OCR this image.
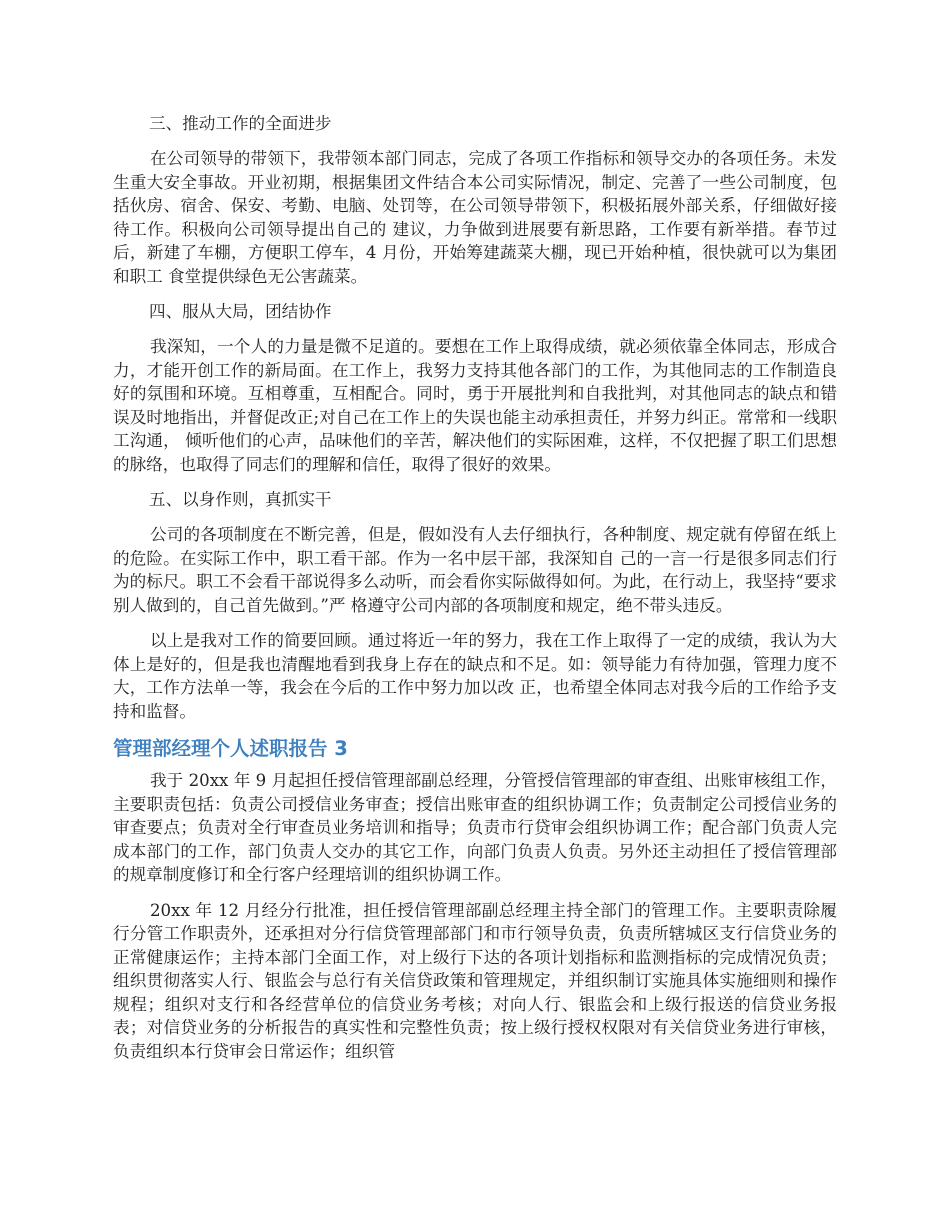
三、推动工作的全面进步

在公司领导的带领下，我带领本部门同志，完成了各项工作指标和领导交办的各项任务。未发生重大安全事故。开业初期，根据集团文件结合本公司实际情况，制定、完善了一些公司制度，包括伙房、宿舍、保安、考勤、电脑、处罚等，在公司领导带领下，积极拓展外部关系，仔细做好接待工作。积极向公司领导提出自己的 建议，力争做到进展要有新思路，工作要有新举措。春节过后，新建了车棚，方便职工停车，4 月份，开始筹建蔬菜大棚，现已开始种植，很快就可以为集团和职工 食堂提供绿色无公害蔬菜。

四、服从大局，团结协作

我深知，一个人的力量是微不足道的。要想在工作上取得成绩，就必须依靠全体同志，形成合力，才能开创工作的新局面。在工作上，我努力支持其他各部门的工作，为其他同志的工作制造良好的氛围和环境。互相尊重，互相配合。同时，勇于开展批判和自我批判，对其他同志的缺点和错误及时地指出，并督促改正;对自己在工作上的失误也能主动承担责任，并努力纠正。常常和一线职工沟通， 倾听他们的心声，品味他们的辛苦，解决他们的实际困难，这样，不仅把握了职工们思想的脉络，也取得了同志们的理解和信任，取得了很好的效果。

五、以身作则，真抓实干

公司的各项制度在不断完善，但是，假如没有人去仔细执行，各种制度、规定就有停留在纸上的危险。在实际工作中，职工看干部。作为一名中层干部，我深知自 己的一言一行是很多同志们行为的标尺。职工不会看干部说得多么动听，而会看你实际做得如何。为此，在行动上，我坚持“要求别人做到的，自己首先做到。”严 格遵守公司内部的各项制度和规定，绝不带头违反。

以上是我对工作的简要回顾。通过将近一年的努力，我在工作上取得了一定的成绩，我认为大体上是好的，但是我也清醒地看到我身上存在的缺点和不足。如：领导能力有待加强，管理力度不大，工作方法单一等，我会在今后的工作中努力加以改 正，也希望全体同志对我今后的工作给予支持和监督。

管理部经理个人述职报告 3

我于 20xx 年 9 月起担任授信管理部副总经理，分管授信管理部的审查组、出账审核组工作，主要职责包括：负责公司授信业务审查；授信出账审查的组织协调工作；负责制定公司授信业务的审查要点；负责对全行审查员业务培训和指导；负责市行贷审会组织协调工作；配合部门负责人完成本部门的工作，部门负责人交办的其它工作，向部门负责人负责。另外还主动担任了授信管理部的规章制度修订和全行客户经理培训的组织协调工作。

20xx 年 12 月经分行批准，担任授信管理部副总经理主持全部门的管理工作。主要职责除履行分管工作职责外，还承担对分行信贷管理部部门和市行领导负责，负责所辖城区支行信贷业务的正常健康运作；主持本部门全面工作，对上级行下达的各项计划指标和监测指标的完成情况负责；组织贯彻落实人行、银监会与总行有关信贷政策和管理规定，并组织制订实施具体实施细则和操作规程；组织对支行和各经营单位的信贷业务考核；对向人行、银监会和上级行报送的信贷业务报表；对信贷业务的分析报告的真实性和完整性负责；按上级行授权权限对有关信贷业务进行审核，负责组织本行贷审会日常运作；组织管
